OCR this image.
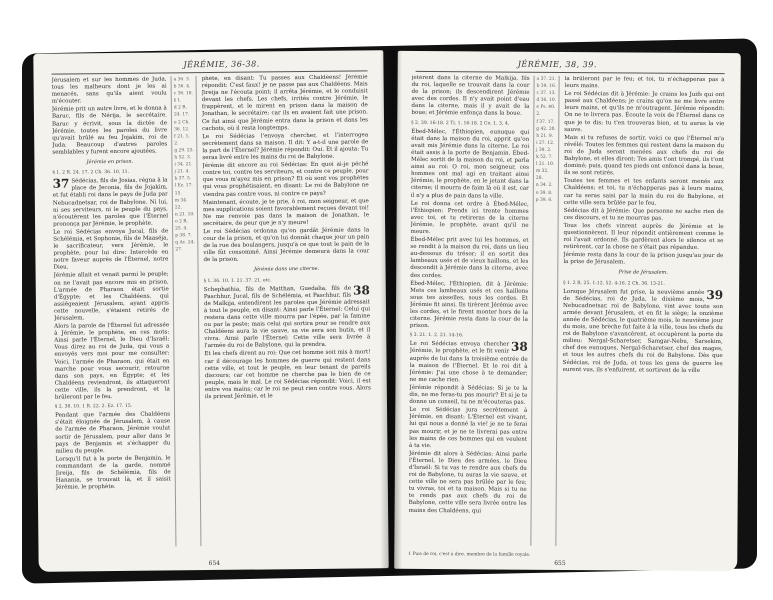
JÉRÉMIE, 36-38.

Jérusalem et sur les hommes de Juda, tous les malheurs dont je les ai menacés, sans qu'ils aient voulu m'écouter.

Jérémie prit un autre livre, et le donna à Baruc, fils de Nérija, le secrétaire. Baruc y écrivit, sous la dictée de Jérémie, toutes les paroles du livre qu'avait brûlé au feu Jojakim, roi de Juda. Beaucoup d'autres paroles semblables y furent encore ajoutées.

Jérémie en prison.
§ 1. 2 R. 24. 17. 2 Ch. 36. 10, 11.

37 Sédécias, fils de Josias, régna à la place de Jeconia, fils de Jojakim, et fut établi roi dans le pays de Juda par Nebucadnetsar, roi de Babylone. Ni lui, ni ses serviteurs, ni le peuple du pays, n'écoutèrent les paroles que l'Éternel prononça par Jérémie, le prophète.

Le roi Sédécias envoya Jucal, fils de Schélémia, et Sophonie, fils de Maaséja, le sacrificateur, vers Jérémie, le prophète, pour lui dire: Intercède en notre faveur auprès de l'Éternel, notre Dieu.

Jérémie allait et venait parmi le peuple; on ne l'avait pas encore mis en prison. L'armée de Pharaon était sortie d'Égypte; et les Chaldéens, qui assiégeaient Jérusalem, ayant appris cette nouvelle, s'étaient retirés de Jérusalem.

Alors la parole de l'Éternel fut adressée à Jérémie, le prophète, en ces mots: Ainsi parle l'Éternel, le Dieu d'Israël: Vous direz au roi de Juda, qui vous a envoyés vers moi pour me consulter: Voici, l'armée de Pharaon, qui était en marche pour vous secourir, retourne dans son pays, en Égypte; et les Chaldéens reviendront, ils attaqueront cette ville, ils la prendront, et la brûleront par le feu.

§ 2. 38. 10. 1 R. 22. 2. Ez. 17. 15.

Pendant que l'armée des Chaldéens s'était éloignée de Jérusalem, à cause de l'armée de Pharaon, Jérémie voulut sortir de Jérusalem, pour aller dans le pays de Benjamin et s'échapper du milieu du peuple.

Lorsqu'il fut à la porte de Benjamin, le commandant de la garde, nommé Jireija, fils de Schélémia, fils de Hanania, se trouvait là, et il saisit Jérémie, le prophète.

a 36. 3.
b 36. 4.
c 36. 18.
§ 1.
d 2 R. 24. 17.
e 2 Ch. 36. 12.
f 21. 1, 2.
g 29. 25.
h 52. 3.
i 34. 21.
j 21. 4.
k 37. 5.
l Ez. 17. 15.
m 34. 22.
n 21. 10.
o 2 R. 25. 4.
p 38. 7.
q Ac. 24. 27.

phète, en disant: Tu passes aux Chaldéens! Jérémie répondit: C'est faux! je ne passe pas aux Chaldéens. Mais Jireija ne l'écouta point; il arrêta Jérémie, et le conduisit devant les chefs. Les chefs, irrités contre Jérémie, le frappèrent, et le mirent en prison dans la maison de Jonathan, le secrétaire; car ils en avaient fait une prison. Ce fut ainsi que Jérémie entra dans la prison et dans les cachots, où il resta longtemps.

Le roi Sédécias l'envoya chercher, et l'interrogea secrètement dans sa maison. Il dit: Y a-t-il une parole de la part de l'Éternel? Jérémie répondit: Oui. Et il ajouta: Tu seras livré entre les mains du roi de Babylone.

Jérémie dit encore au roi Sédécias: En quoi ai-je péché contre toi, contre tes serviteurs, et contre ce peuple, pour que vous m'ayez mis en prison? Et où sont vos prophètes qui vous prophétisaient, en disant: Le roi de Babylone ne viendra pas contre vous, ni contre ce pays?

Maintenant, écoute, je te prie, ô roi, mon seigneur, et que mes supplications soient favorablement reçues devant toi! Ne me renvoie pas dans la maison de Jonathan, le secrétaire, de peur que je n'y meure!

Le roi Sédécias ordonna qu'on gardât Jérémie dans la cour de la prison, et qu'on lui donnât chaque jour un pain de la rue des boulangers, jusqu'à ce que tout le pain de la ville fût consommé. Ainsi Jérémie demeura dans la cour de la prison.

Jérémie dans une citerne.
§ 1. 36. 10. 1. 21. 37. 21. etc.

38
Schephathia, fils de Matthan, Guedalia, fils de Paschhur, Jucal, fils de Schélémia, et Paschhur, fils de Malkija, entendirent les paroles que Jérémie adressait à tout le peuple, en disant: Ainsi parle l'Éternel: Celui qui restera dans cette ville mourra par l'épée, par la famine ou par la peste; mais celui qui sortira pour se rendre aux Chaldéens aura la vie sauve, sa vie sera son butin, et il vivra. Ainsi parle l'Éternel: Cette ville sera livrée à l'armée du roi de Babylone, qui la prendra.

Et les chefs dirent au roi: Que cet homme soit mis à mort! car il décourage les hommes de guerre qui restent dans cette ville, et tout le peuple, en leur tenant de pareils discours; car cet homme ne cherche pas le bien de ce peuple, mais le mal. Le roi Sédécias répondit: Voici, il est entre vos mains; car le roi ne peut rien contre vous. Alors ils prirent Jérémie, et le

654
JÉRÉMIE, 38, 39.

jetèrent dans la citerne de Malkija, fils du roi, laquelle se trouvait dans la cour de la prison; ils descendirent Jérémie avec des cordes. Il n'y avait point d'eau dans la citerne, mais il y avait de la boue; et Jérémie enfonça dans la boue.

§ 2. 39. 16-18. 2 Ti. 1. 16-18. 2 Co. 1. 3, 4.

Ébed-Mélec, l'Éthiopien, eunuque qui était dans la maison du roi, apprit qu'on avait mis Jérémie dans la citerne. Le roi était assis à la porte de Benjamin. Ébed-Mélec sortit de la maison du roi, et parla ainsi au roi: O roi, mon seigneur, ces hommes ont mal agi en traitant ainsi Jérémie, le prophète, en le jetant dans la citerne; il mourra de faim là où il est, car il n'y a plus de pain dans la ville.

Le roi donna cet ordre à Ébed-Mélec, l'Éthiopien: Prends ici trente hommes avec toi, et tu retireras de la citerne Jérémie, le prophète, avant qu'il ne meure.

Ébed-Mélec prit avec lui les hommes, et se rendit à la maison du roi, dans un lieu au-dessous du trésor; il en sortit des lambeaux usés et de vieux haillons, et les descendit à Jérémie dans la citerne, avec des cordes.

Ébed-Mélec, l'Éthiopien, dit à Jérémie: Mets ces lambeaux usés et ces haillons sous tes aisselles, sous les cordes. Et Jérémie fit ainsi. Ils tirèrent Jérémie avec les cordes, et le firent monter hors de la citerne. Jérémie resta dans la cour de la prison.

§ 3. 21. 1. 2. 21. 14-16.

38
Le roi Sédécias envoya chercher Jérémie, le prophète, et le fit venir auprès de lui dans la troisième entrée de la maison de l'Éternel. Et le roi dit à Jérémie: J'ai une chose à te demander; ne me cache rien.

Jérémie répondit à Sédécias: Si je te la dis, ne me feras-tu pas mourir? Et si je te donne un conseil, tu ne m'écouteras pas.

Le roi Sédécias jura secrètement à Jérémie, en disant: L'Éternel est vivant, lui qui nous a donné la vie! je ne te ferai pas mourir, et je ne te livrerai pas entre les mains de ces hommes qui en veulent à ta vie.

Jérémie dit alors à Sédécias: Ainsi parle l'Éternel, le Dieu des armées, le Dieu d'Israël: Si tu vas te rendre aux chefs du roi de Babylone, tu auras la vie sauve, et cette ville ne sera pas brûlée par le feu; tu vivras, toi et ta maison. Mais si tu ne te rends pas aux chefs du roi de Babylone, cette ville sera livrée entre les mains des Chaldéens, qui

a 37. 21.
b 39. 16.
c 37. 13.
d 36. 10.
e Ps. 40. 2.
f 37. 17.
g 42. 20.
h 21. 9.
i 27. 12.
j 39. 2.
k 52. 7.
l 21. 10.
m 32. 28.
n 34. 2.
o 39. 8.
p 39. 6.

la brûleront par le feu; et toi, tu n'échapperas pas à leurs mains.

Le roi Sédécias dit à Jérémie: Je crains les Juifs qui ont passé aux Chaldéens; je crains qu'on ne me livre entre leurs mains, et qu'ils ne m'outragent. Jérémie répondit: On ne te livrera pas. Écoute la voix de l'Éternel dans ce que je te dis; tu t'en trouveras bien, et tu auras la vie sauve.

Mais si tu refuses de sortir, voici ce que l'Éternel m'a révélé: Toutes les femmes qui restent dans la maison du roi de Juda seront menées aux chefs du roi de Babylone, et elles diront: Tes amis t'ont trompé, ils t'ont dominé; puis, quand tes pieds ont enfoncé dans la boue, ils se sont retirés.

Toutes tes femmes et tes enfants seront menés aux Chaldéens; et toi, tu n'échapperas pas à leurs mains, car tu seras saisi par la main du roi de Babylone, et cette ville sera brûlée par le feu.

Sédécias dit à Jérémie: Que personne ne sache rien de ces discours, et tu ne mourras pas.

Tous les chefs vinrent auprès de Jérémie et le questionnèrent. Il leur répondit entièrement comme le roi l'avait ordonné. Ils gardèrent alors le silence et se retirèrent, car la chose ne s'était pas répandue.

Jérémie resta dans la cour de la prison jusqu'au jour de la prise de Jérusalem.

Prise de Jérusalem.
§ 1. 2 R. 25. 1-12. 52. 4-16. 2 Ch. 36. 13-21.

39
Lorsque Jérusalem fut prise, la neuvième année de Sédécias, roi de Juda, le dixième mois, Nebucadnetsar, roi de Babylone, vint avec toute son armée devant Jérusalem, et en fit le siège; la onzième année de Sédécias, le quatrième mois, le neuvième jour du mois, une brèche fut faite à la ville, tous les chefs du roi de Babylone s'avancèrent, et occupèrent la porte du milieu: Nergal-Scharetser, Samgar-Nebu, Sarsekim, chef des eunuques, Nergal-Scharetser, chef des mages, et tous les autres chefs du roi de Babylone. Dès que Sédécias, roi de Juda, et tous les gens de guerre les eurent vus, ils s'enfuirent, et sortirent de la ville

1 Puis de roi, c'est à dire, membre de la famille royale.
655
